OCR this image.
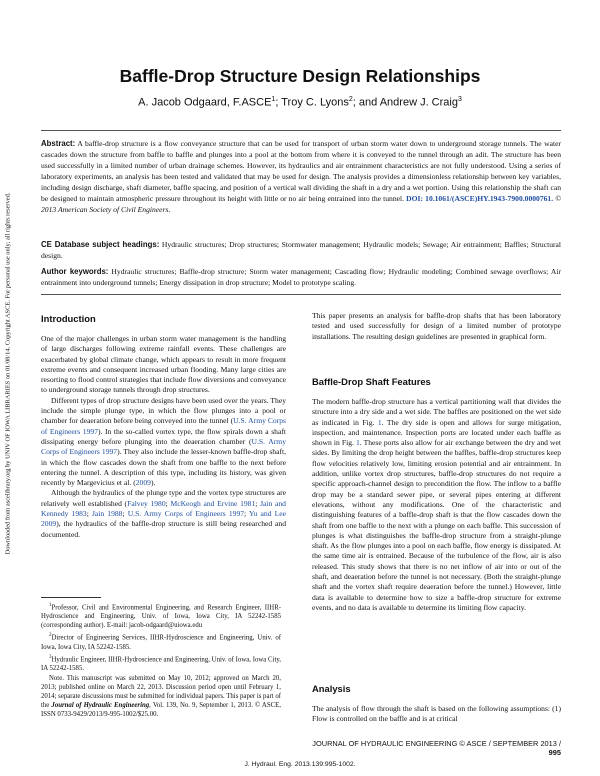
Downloaded from ascelibrary.org by UNIV OF IOWA LIBRARIES on 01/08/14. Copyright ASCE. For personal use only; all rights reserved.
Baffle-Drop Structure Design Relationships
A. Jacob Odgaard, F.ASCE$^1$; Troy C. Lyons$^2$; and Andrew J. Craig$^3$
Abstract: A baffle-drop structure is a flow conveyance structure that can be used for transport of urban storm water down to underground storage tunnels. The water cascades down the structure from baffle to baffle and plunges into a pool at the bottom from where it is conveyed to the tunnel through an adit. The structure has been used successfully in a limited number of urban drainage schemes. However, its hydraulics and air entrainment characteristics are not fully understood. Using a series of laboratory experiments, an analysis has been tested and validated that may be used for design. The analysis provides a dimensionless relationship between key variables, including design discharge, shaft diameter, baffle spacing, and position of a vertical wall dividing the shaft in a dry and a wet portion. Using this relationship the shaft can be designed to maintain atmospheric pressure throughout its height with little or no air being entrained into the tunnel. DOI: 10.1061/(ASCE)HY.1943-7900.0000761. © 2013 American Society of Civil Engineers.
CE Database subject headings: Hydraulic structures; Drop structures; Stormwater management; Hydraulic models; Sewage; Air entrainment; Baffles; Structural design.
Author keywords: Hydraulic structures; Baffle-drop structure; Storm water management; Cascading flow; Hydraulic modeling; Combined sewage overflows; Air entrainment into underground tunnels; Energy dissipation in drop structure; Model to prototype scaling.
Introduction

One of the major challenges in urban storm water management is the handling of large discharges following extreme rainfall events. These challenges are exacerbated by global climate change, which appears to result in more frequent extreme events and consequent increased urban flooding. Many large cities are resorting to flood control strategies that include flow diversions and conveyance to underground storage tunnels through drop structures.

Different types of drop structure designs have been used over the years. They include the simple plunge type, in which the flow plunges into a pool or chamber for deaeration before being conveyed into the tunnel (U.S. Army Corps of Engineers 1997). In the so-called vortex type, the flow spirals down a shaft dissipating energy before plunging into the deaeration chamber (U.S. Army Corps of Engineers 1997). They also include the lesser-known baffle-drop shaft, in which the flow cascades down the shaft from one baffle to the next before entering the tunnel. A description of this type, including its history, was given recently by Margevicius et al. (2009).

Although the hydraulics of the plunge type and the vortex type structures are relatively well established (Falvey 1980; McKeogh and Ervine 1981; Jain and Kennedy 1983; Jain 1988; U.S. Army Corps of Engineers 1997; Yu and Lee 2009), the hydraulics of the baffle-drop structure is still being researched and documented.

$^1$Professor, Civil and Environmental Engineering, and Research Engineer, IIHR-Hydroscience and Engineering, Univ. of Iowa, Iowa City, IA 52242-1585 (corresponding author). E-mail: jacob-odgaard@uiowa.edu

$^2$Director of Engineering Services, IIHR-Hydroscience and Engineering, Univ. of Iowa, Iowa City, IA 52242-1585.

$^3$Hydraulic Engineer, IIHR-Hydroscience and Engineering, Univ. of Iowa, Iowa City, IA 52242-1585.

Note. This manuscript was submitted on May 10, 2012; approved on March 20, 2013; published online on March 22, 2013. Discussion period open until February 1, 2014; separate discussions must be submitted for individual papers. This paper is part of the Journal of Hydraulic Engineering, Vol. 139, No. 9, September 1, 2013. © ASCE, ISSN 0733-9429/2013/9-995-1002/$25.00.

This paper presents an analysis for baffle-drop shafts that has been laboratory tested and used successfully for design of a limited number of prototype installations. The resulting design guidelines are presented in graphical form.

Baffle-Drop Shaft Features

The modern baffle-drop structure has a vertical partitioning wall that divides the structure into a dry side and a wet side. The baffles are positioned on the wet side as indicated in Fig. 1. The dry side is open and allows for surge mitigation, inspection, and maintenance. Inspection ports are located under each baffle as shown in Fig. 1. These ports also allow for air exchange between the dry and wet sides. By limiting the drop height between the baffles, baffle-drop structures keep flow velocities relatively low, limiting erosion potential and air entrainment. In addition, unlike vortex drop structures, baffle-drop structures do not require a specific approach-channel design to precondition the flow. The inflow to a baffle drop may be a standard sewer pipe, or several pipes entering at different elevations, without any modifications. One of the characteristic and distinguishing features of a baffle-drop shaft is that the flow cascades down the shaft from one baffle to the next with a plunge on each baffle. This succession of plunges is what distinguishes the baffle-drop structure from a straight-plunge shaft. As the flow plunges into a pool on each baffle, flow energy is dissipated. At the same time air is entrained. Because of the turbulence of the flow, air is also released. This study shows that there is no net inflow of air into or out of the shaft, and deaeration before the tunnel is not necessary. (Both the straight-plunge shaft and the vortex shaft require deaeration before the tunnel.) However, little data is available to determine how to size a baffle-drop structure for extreme events, and no data is available to determine its limiting flow capacity.

Analysis

The analysis of flow through the shaft is based on the following assumptions: (1) Flow is controlled on the baffle and is at critical

JOURNAL OF HYDRAULIC ENGINEERING © ASCE / SEPTEMBER 2013 / 995
J. Hydraul. Eng. 2013.139:995-1002.
